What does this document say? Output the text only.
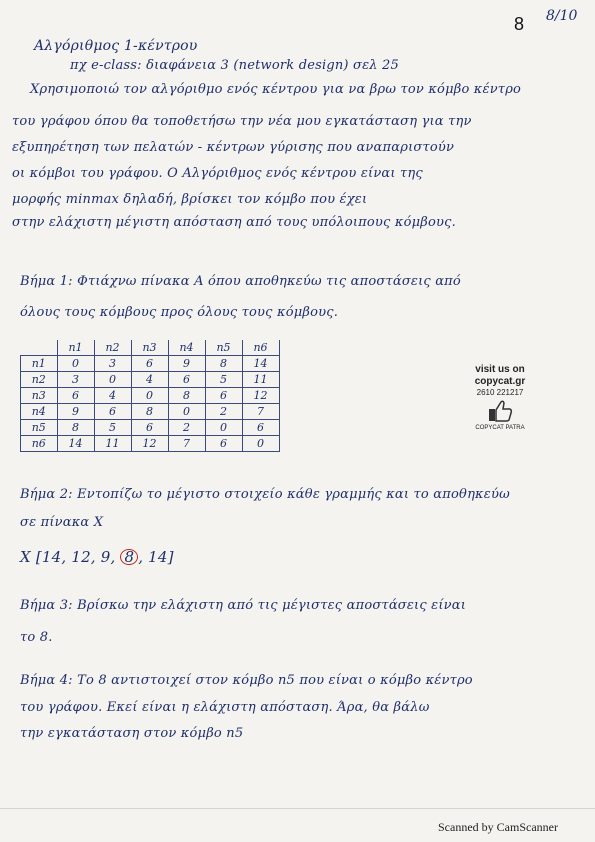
8 8/10
Αλγόριθμος 1-κέντρου
πχ e-class: διαφάνεια 3 (network design) σελ 25
Χρησιμοποιώ τον αλγόριθμο ενός κέντρου για να βρω τον κόμβο κέντρο
του γράφου όπου θα τοποθετήσω την νέα μου εγκατάσταση για την
εξυπηρέτηση των πελατών - κέντρων γύρισης που αναπαριστούν
οι κόμβοι του γράφου. Ο Αλγόριθμος ενός κέντρου είναι της
μορφής minmax δηλαδή, βρίσκει τον κόμβο που έχει
στην ελάχιστη μέγιστη απόσταση από τους υπόλοιπους κόμβους.
Βήμα 1: Φτιάχνω πίνακα Α όπου αποθηκεύω τις αποστάσεις από
όλους τους κόμβους προς όλους τους κόμβους.
	n1	n2	n3	n4	n5	n6
n1	0	3	6	9	8	14
n2	3	0	4	6	5	11
n3	6	4	0	8	6	12
n4	9	6	8	0	2	7
n5	8	5	6	2	0	6
n6	14	11	12	7	6	0
visit us on
copycat.gr
2610 221217
COPYCAT PATRA
Βήμα 2: Εντοπίζω το μέγιστο στοιχείο κάθε γραμμής και το αποθηκεύω
σε πίνακα Χ
Χ [14, 12, 9, 8 , 14]
Βήμα 3: Βρίσκω την ελάχιστη από τις μέγιστες αποστάσεις είναι
το 8.
Βήμα 4: Το 8 αντιστοιχεί στον κόμβο n5 που είναι ο κόμβο κέντρο
του γράφου. Εκεί είναι η ελάχιστη απόσταση. Άρα, θα βάλω
την εγκατάσταση στον κόμβο n5
Scanned by CamScanner
